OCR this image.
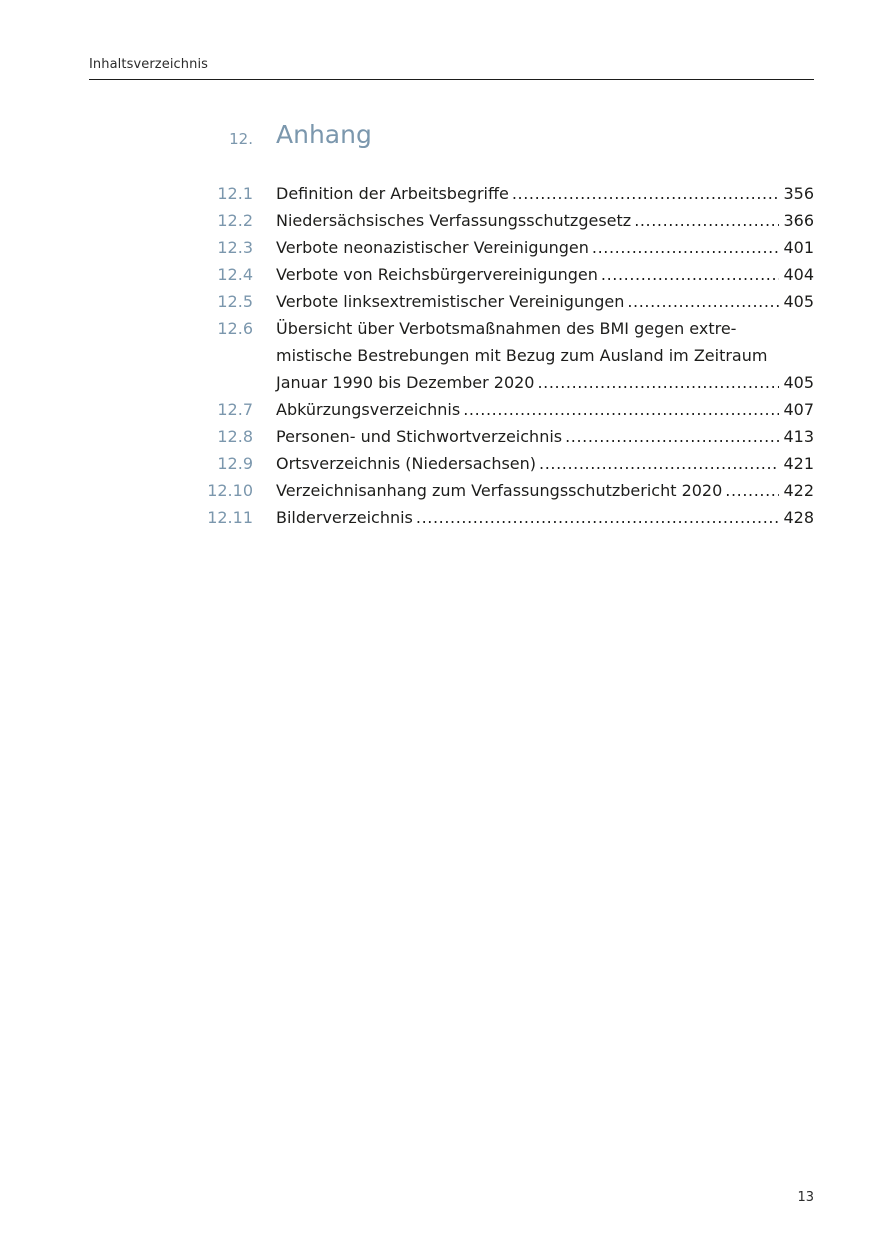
Inhaltsverzeichnis
12. Anhang
12.1 Definition der Arbeitsbegriffe .....	356
12.2 Niedersächsisches Verfassungsschutzgesetz .....	366
12.3 Verbote neonazistischer Vereinigungen .....	401
12.4 Verbote von Reichsbürgervereinigungen .....	404
12.5 Verbote linksextremistischer Vereinigungen .....	405
12.6 Übersicht über Verbotsmaßnahmen des BMI gegen extre-
mistische Bestrebungen mit Bezug zum Ausland im Zeitraum
Januar 1990 bis Dezember 2020 .....	405
12.7 Abkürzungsverzeichnis .....	407
12.8 Personen- und Stichwortverzeichnis .....	413
12.9 Ortsverzeichnis (Niedersachsen) .....	421
12.10 Verzeichnisanhang zum Verfassungsschutzbericht 2020 .....	422
12.11 Bilderverzeichnis .....	428
13
